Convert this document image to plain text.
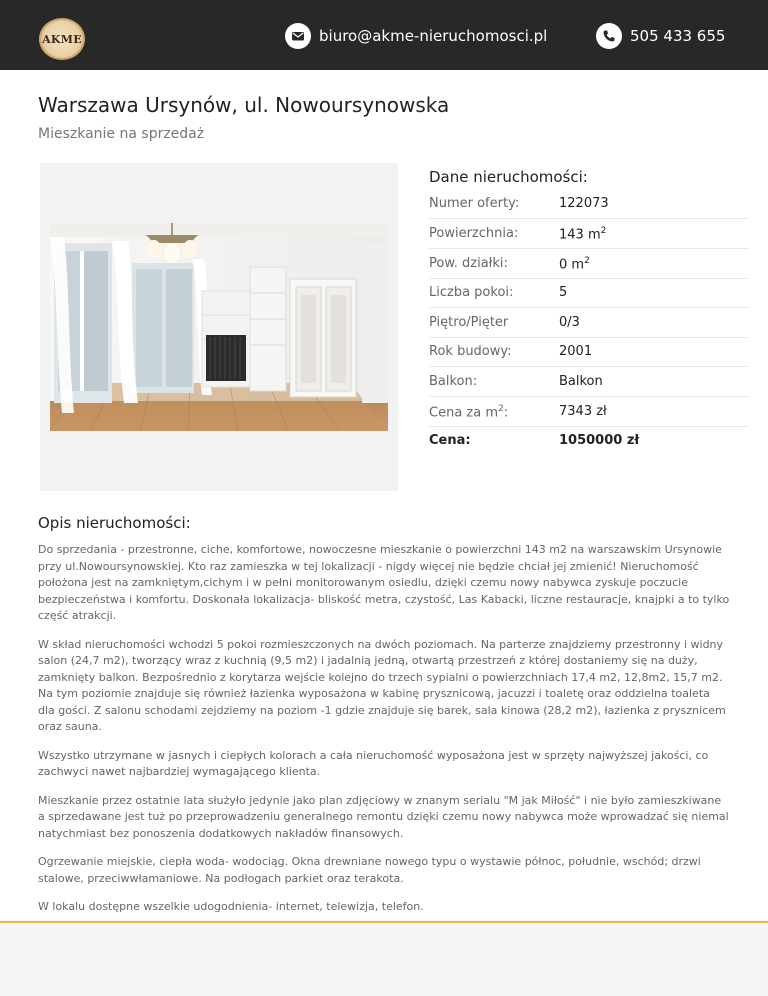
AKME	biuro@akme-nieruchomosci.pl	505 433 655
Warszawa Ursynów, ul. Nowoursynowska

Mieszkanie na sprzedaż

Dane nieruchomości:
Numer oferty:	122073
Powierzchnia:	143 $m^2$
Pow. działki:	0 $m^2$
Liczba pokoi:	5
Piętro/Pięter	0/3
Rok budowy:	2001
Balkon:	Balkon
Cena za $m^2$:	7343 zł
Cena:	1050000 zł
Opis nieruchomości:

Do sprzedania - przestronne, ciche, komfortowe, nowoczesne mieszkanie o powierzchni 143 m2 na warszawskim Ursynowie przy ul.Nowoursynowskiej. Kto raz zamieszka w tej lokalizacji - nigdy więcej nie będzie chciał jej zmienić! Nieruchomość położona jest na zamkniętym,cichym i w pełni monitorowanym osiedlu, dzięki czemu nowy nabywca zyskuje poczucie bezpieczeństwa i komfortu. Doskonała lokalizacja- bliskość metra, czystość, Las Kabacki, liczne restauracje, knajpki a to tylko część atrakcji.

W skład nieruchomości wchodzi 5 pokoi rozmieszczonych na dwóch poziomach. Na parterze znajdziemy przestronny i widny salon (24,7 m2), tworzący wraz z kuchnią (9,5 m2) i jadalnią jedną, otwartą przestrzeń z której dostaniemy się na duży, zamknięty balkon. Bezpośrednio z korytarza wejście kolejno do trzech sypialni o powierzchniach 17,4 m2, 12,8m2, 15,7 m2. Na tym poziomie znajduje się również łazienka wyposażona w kabinę prysznicową, jacuzzi i toaletę oraz oddzielna toaleta dla gości. Z salonu schodami zejdziemy na poziom -1 gdzie znajduje się barek, sala kinowa (28,2 m2), łazienka z prysznicem oraz sauna.

Wszystko utrzymane w jasnych i ciepłych kolorach a cała nieruchomość wyposażona jest w sprzęty najwyższej jakości, co zachwyci nawet najbardziej wymagającego klienta.

Mieszkanie przez ostatnie lata służyło jedynie jako plan zdjęciowy w znanym serialu "M jak Miłość" i nie było zamieszkiwane a sprzedawane jest tuż po przeprowadzeniu generalnego remontu dzięki czemu nowy nabywca może wprowadzać się niemal natychmiast bez ponoszenia dodatkowych nakładów finansowych.

Ogrzewanie miejskie, ciepła woda- wodociąg. Okna drewniane nowego typu o wystawie północ, południe, wschód; drzwi stalowe, przeciwwłamaniowe. Na podłogach parkiet oraz terakota.

W lokalu dostępne wszelkie udogodnienia- internet, telewizja, telefon.
